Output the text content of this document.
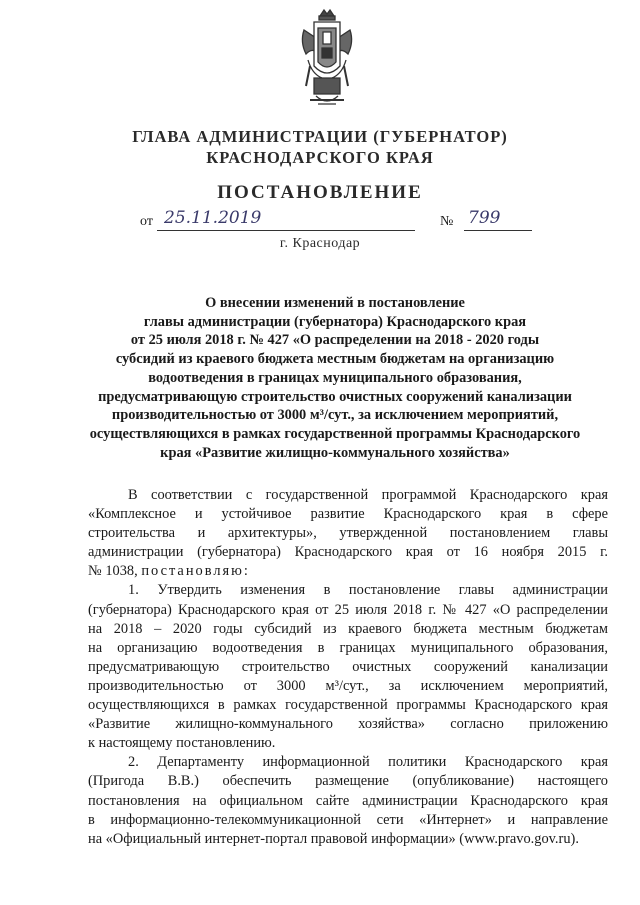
ГЛАВА АДМИНИСТРАЦИИ (ГУБЕРНАТОР)
КРАСНОДАРСКОГО КРАЯ
ПОСТАНОВЛЕНИЕ
от 25.11.2019	№ 799
г. Краснодар
О внесении изменений в постановление
главы администрации (губернатора) Краснодарского края
от 25 июля 2018 г. № 427 «О распределении на 2018 - 2020 годы
субсидий из краевого бюджета местным бюджетам на организацию
водоотведения в границах муниципального образования,
предусматривающую строительство очистных сооружений канализации
производительностью от 3000 м³/сут., за исключением мероприятий,
осуществляющихся в рамках государственной программы Краснодарского
края «Развитие жилищно-коммунального хозяйства»
В соответствии с государственной программой Краснодарского края
«Комплексное и устойчивое развитие Краснодарского края в сфере
строительства и архитектуры», утвержденной постановлением главы
администрации (губернатора) Краснодарского края от 16 ноября 2015 г.
№ 1038, постановляю:
1. Утвердить изменения в постановление главы администрации
(губернатора) Краснодарского края от 25 июля 2018 г. № 427 «О распределении
на 2018 – 2020 годы субсидий из краевого бюджета местным бюджетам
на организацию водоотведения в границах муниципального образования,
предусматривающую строительство очистных сооружений канализации
производительностью от 3000 м³/сут., за исключением мероприятий,
осуществляющихся в рамках государственной программы Краснодарского края
«Развитие жилищно-коммунального хозяйства» согласно приложению
к настоящему постановлению.
2. Департаменту информационной политики Краснодарского края
(Пригода В.В.) обеспечить размещение (опубликование) настоящего
постановления на официальном сайте администрации Краснодарского края
в информационно-телекоммуникационной сети «Интернет» и направление
на «Официальный интернет-портал правовой информации» (www.pravo.gov.ru).
